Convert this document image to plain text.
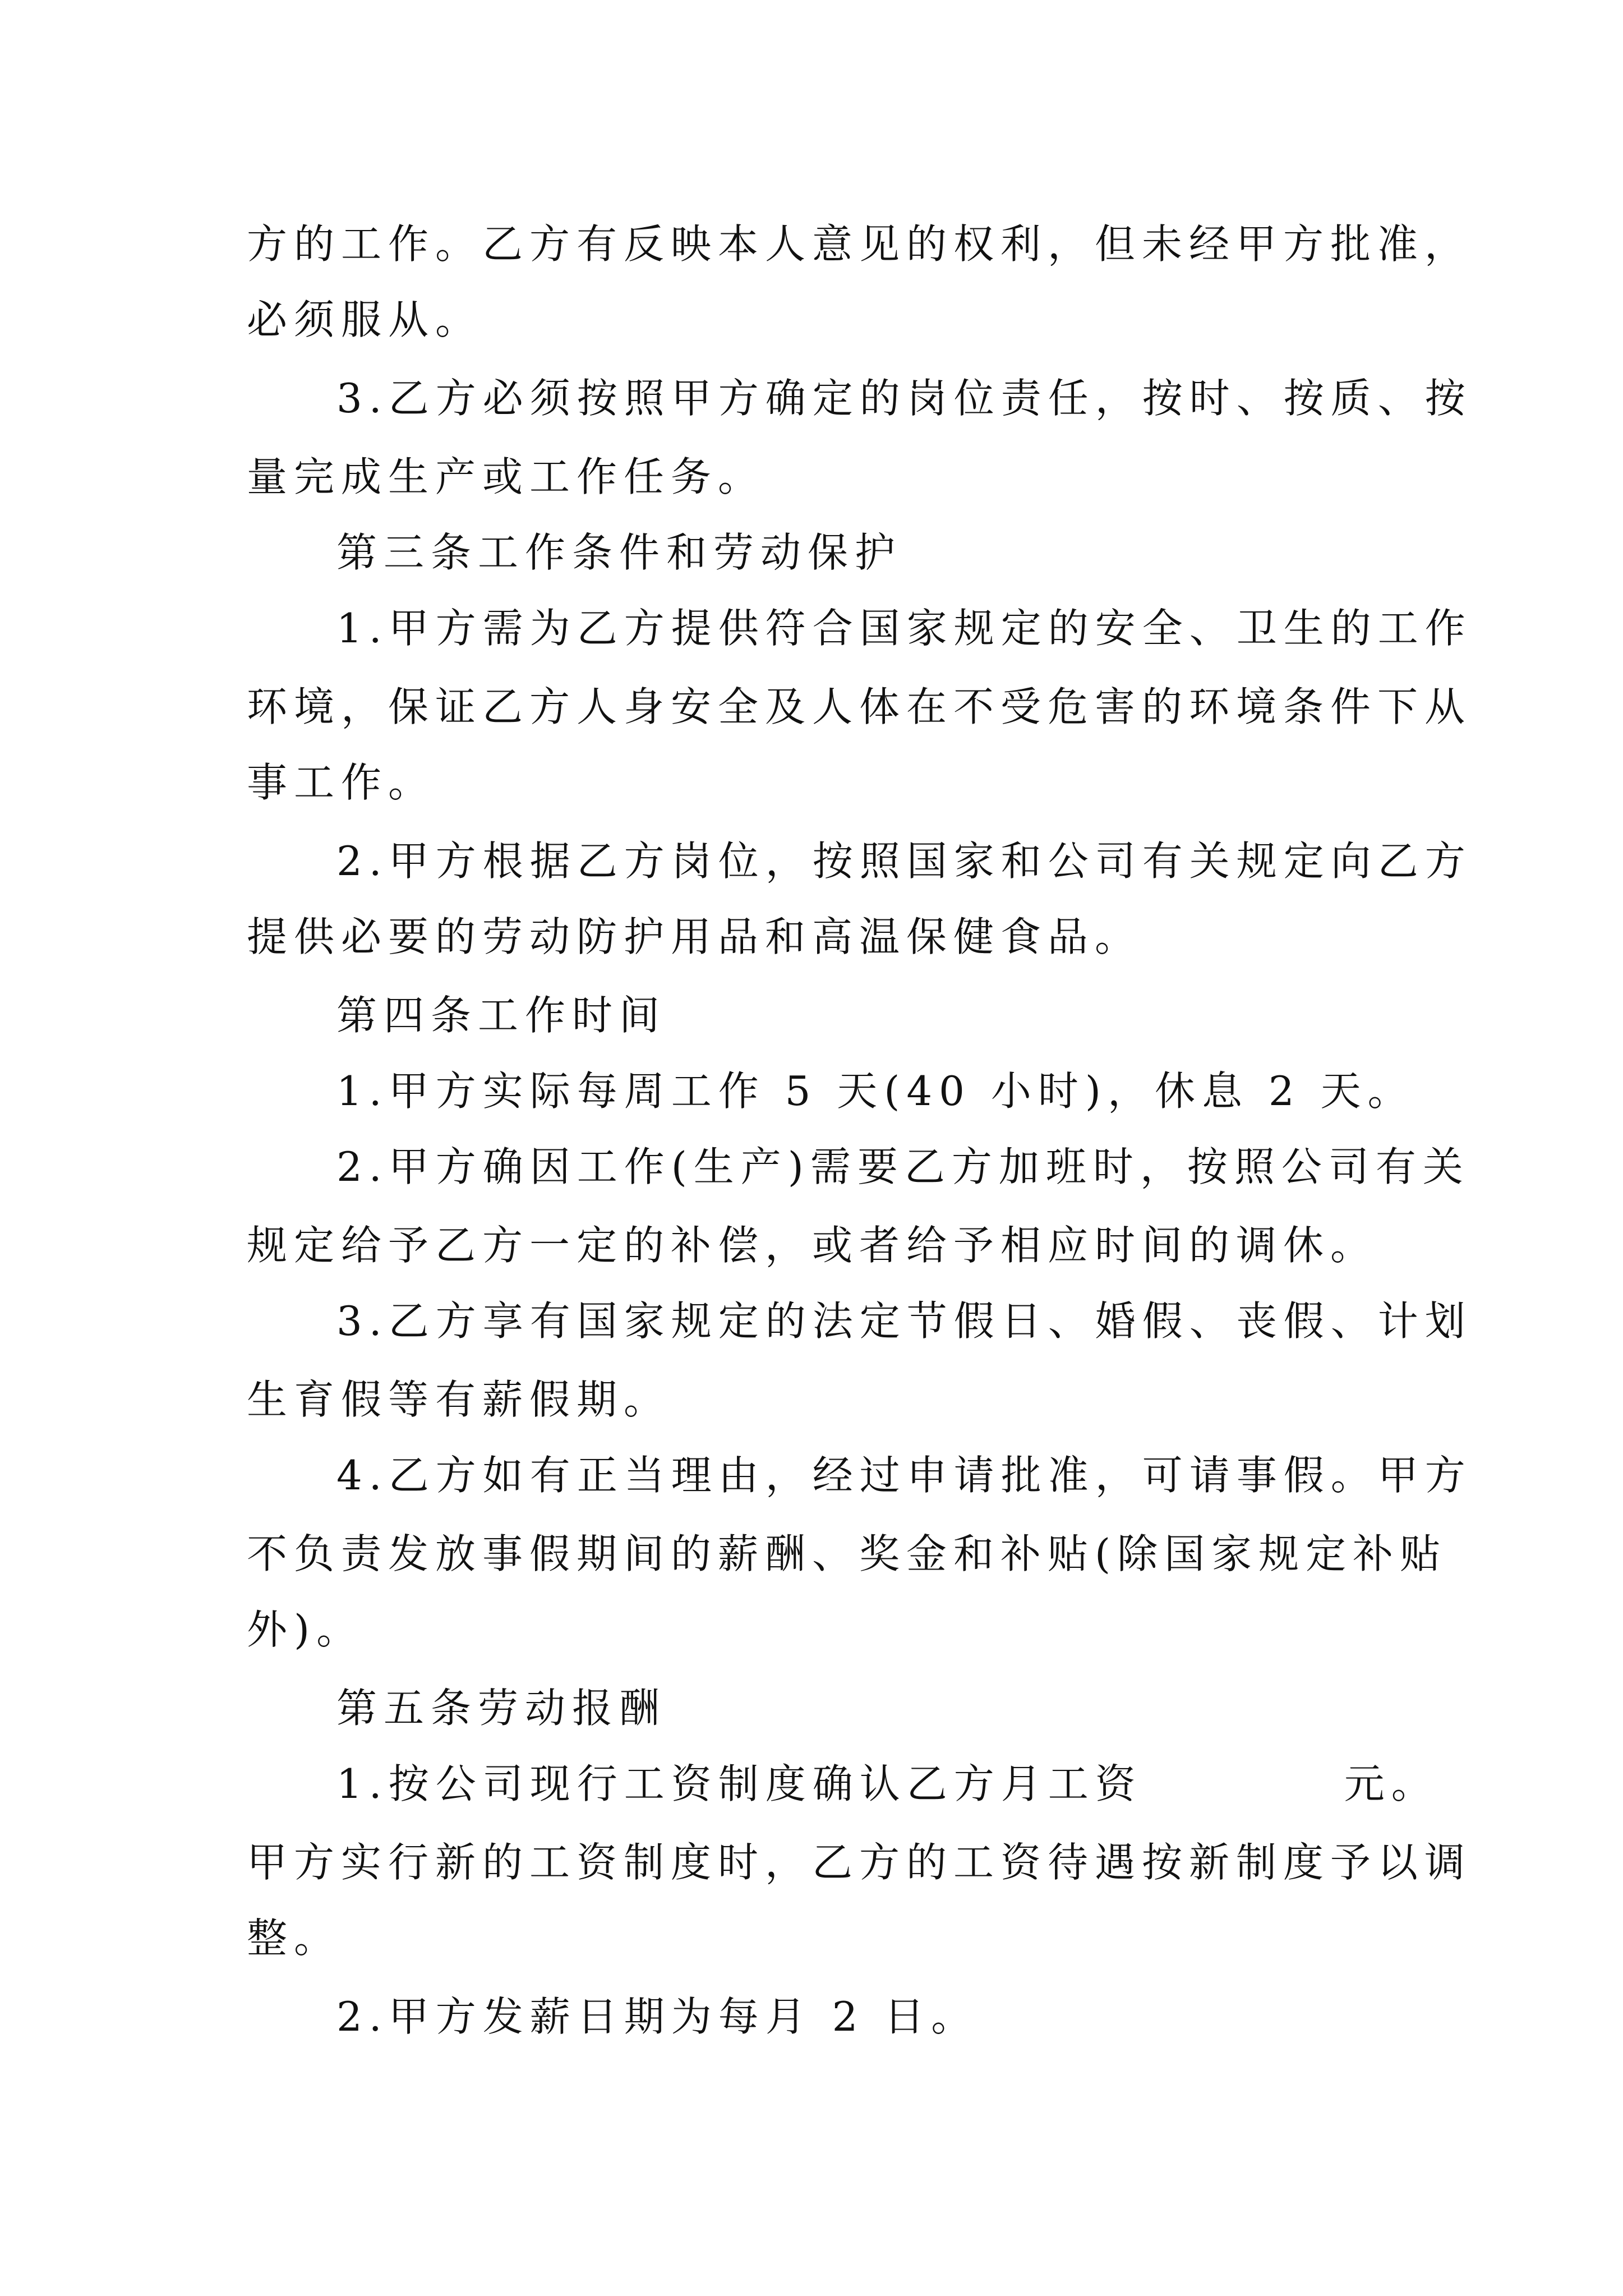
方的工作。乙方有反映本人意见的权利，但未经甲方批准，
必须服从。
3.乙方必须按照甲方确定的岗位责任，按时、按质、按
量完成生产或工作任务。
第三条工作条件和劳动保护
1.甲方需为乙方提供符合国家规定的安全、卫生的工作
环境，保证乙方人身安全及人体在不受危害的环境条件下从
事工作。
2.甲方根据乙方岗位，按照国家和公司有关规定向乙方
提供必要的劳动防护用品和高温保健食品。
第四条工作时间
1.甲方实际每周工作 5 天(40 小时)，休息 2 天。
2.甲方确因工作(生产)需要乙方加班时，按照公司有关
规定给予乙方一定的补偿，或者给予相应时间的调休。
3.乙方享有国家规定的法定节假日、婚假、丧假、计划
生育假等有薪假期。
4.乙方如有正当理由，经过申请批准，可请事假。甲方
不负责发放事假期间的薪酬、奖金和补贴(除国家规定补贴
外)。
第五条劳动报酬
1.按公司现行工资制度确认乙方月工资	元。
甲方实行新的工资制度时，乙方的工资待遇按新制度予以调
整。
2.甲方发薪日期为每月 2 日。
